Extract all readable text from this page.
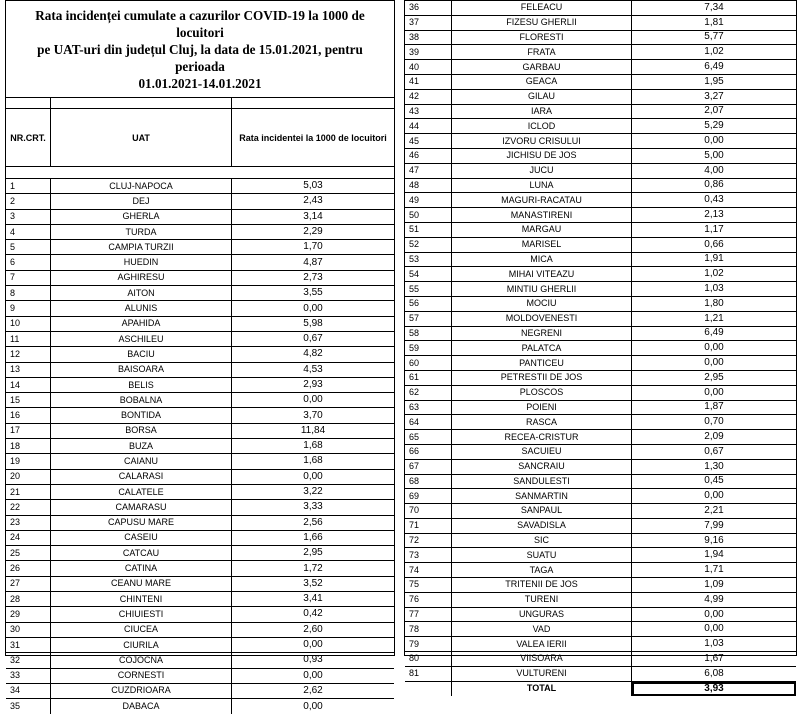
Rata incidenței cumulate a cazurilor COVID-19 la 1000 de locuitori
pe UAT-uri din județul Cluj, la data de 15.01.2021, pentru perioada
01.01.2021-14.01.2021
NR.CRT.	UAT	Rata incidentei la 1000 de locuitori
1	CLUJ-NAPOCA	5,03
2	DEJ	2,43
3	GHERLA	3,14
4	TURDA	2,29
5	CAMPIA TURZII	1,70
6	HUEDIN	4,87
7	AGHIRESU	2,73
8	AITON	3,55
9	ALUNIS	0,00
10	APAHIDA	5,98
11	ASCHILEU	0,67
12	BACIU	4,82
13	BAISOARA	4,53
14	BELIS	2,93
15	BOBALNA	0,00
16	BONTIDA	3,70
17	BORSA	11,84
18	BUZA	1,68
19	CAIANU	1,68
20	CALARASI	0,00
21	CALATELE	3,22
22	CAMARASU	3,33
23	CAPUSU MARE	2,56
24	CASEIU	1,66
25	CATCAU	2,95
26	CATINA	1,72
27	CEANU MARE	3,52
28	CHINTENI	3,41
29	CHIUIESTI	0,42
30	CIUCEA	2,60
31	CIURILA	0,00
32	COJOCNA	0,93
33	CORNESTI	0,00
34	CUZDRIOARA	2,62
35	DABACA	0,00
36	FELEACU	7,34
37	FIZESU GHERLII	1,81
38	FLORESTI	5,77
39	FRATA	1,02
40	GARBAU	6,49
41	GEACA	1,95
42	GILAU	3,27
43	IARA	2,07
44	ICLOD	5,29
45	IZVORU CRISULUI	0,00
46	JICHISU DE JOS	5,00
47	JUCU	4,00
48	LUNA	0,86
49	MAGURI-RACATAU	0,43
50	MANASTIRENI	2,13
51	MARGAU	1,17
52	MARISEL	0,66
53	MICA	1,91
54	MIHAI VITEAZU	1,02
55	MINTIU GHERLII	1,03
56	MOCIU	1,80
57	MOLDOVENESTI	1,21
58	NEGRENI	6,49
59	PALATCA	0,00
60	PANTICEU	0,00
61	PETRESTII DE JOS	2,95
62	PLOSCOS	0,00
63	POIENI	1,87
64	RASCA	0,70
65	RECEA-CRISTUR	2,09
66	SACUIEU	0,67
67	SANCRAIU	1,30
68	SANDULESTI	0,45
69	SANMARTIN	0,00
70	SANPAUL	2,21
71	SAVADISLA	7,99
72	SIC	9,16
73	SUATU	1,94
74	TAGA	1,71
75	TRITENII DE JOS	1,09
76	TURENI	4,99
77	UNGURAS	0,00
78	VAD	0,00
79	VALEA IERII	1,03
80	VIISOARA	1,67
81	VULTURENI	6,08
TOTAL	3,93
